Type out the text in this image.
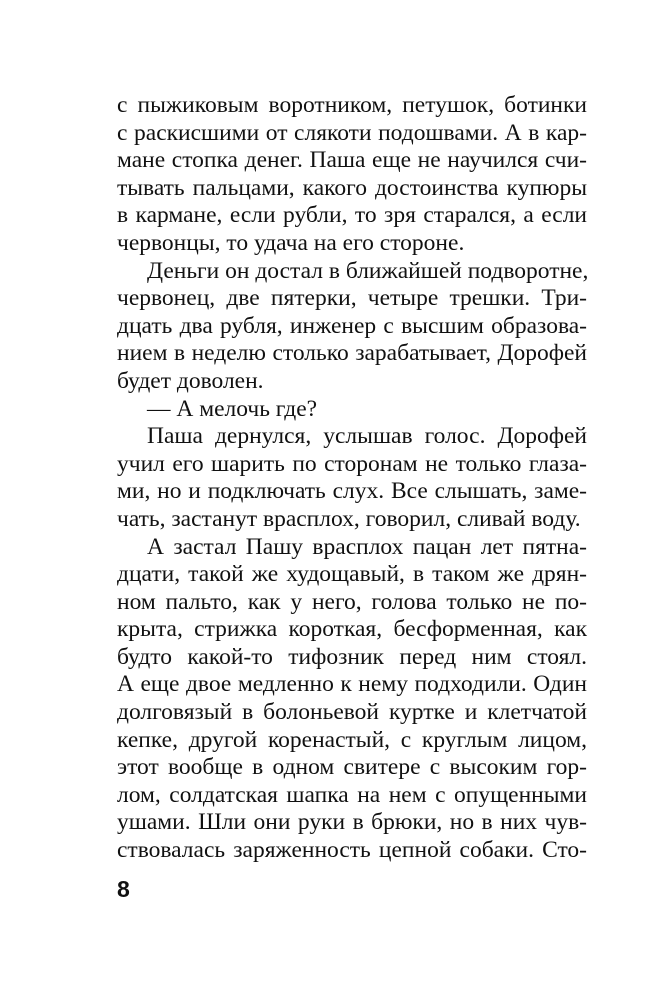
с пыжиковым воротником, петушок, ботинки
с раскисшими от слякоти подошвами. А в кар-
мане стопка денег. Паша еще не научился счи-
тывать пальцами, какого достоинства купюры
в кармане, если рубли, то зря старался, а если
червонцы, то удача на его стороне.
Деньги он достал в ближайшей подворотне,
червонец, две пятерки, четыре трешки. Три-
дцать два рубля, инженер с высшим образова-
нием в неделю столько зарабатывает, Дорофей
будет доволен.
— А мелочь где?
Паша дернулся, услышав голос. Дорофей
учил его шарить по сторонам не только глаза-
ми, но и подключать слух. Все слышать, заме-
чать, застанут врасплох, говорил, сливай воду.
А застал Пашу врасплох пацан лет пятна-
дцати, такой же худощавый, в таком же дрян-
ном пальто, как у него, голова только не по-
крыта, стрижка короткая, бесформенная, как
будто какой-то тифозник перед ним стоял.
А еще двое медленно к нему подходили. Один
долговязый в болоньевой куртке и клетчатой
кепке, другой коренастый, с круглым лицом,
этот вообще в одном свитере с высоким гор-
лом, солдатская шапка на нем с опущенными
ушами. Шли они руки в брюки, но в них чув-
ствовалась заряженность цепной собаки. Сто-
8
